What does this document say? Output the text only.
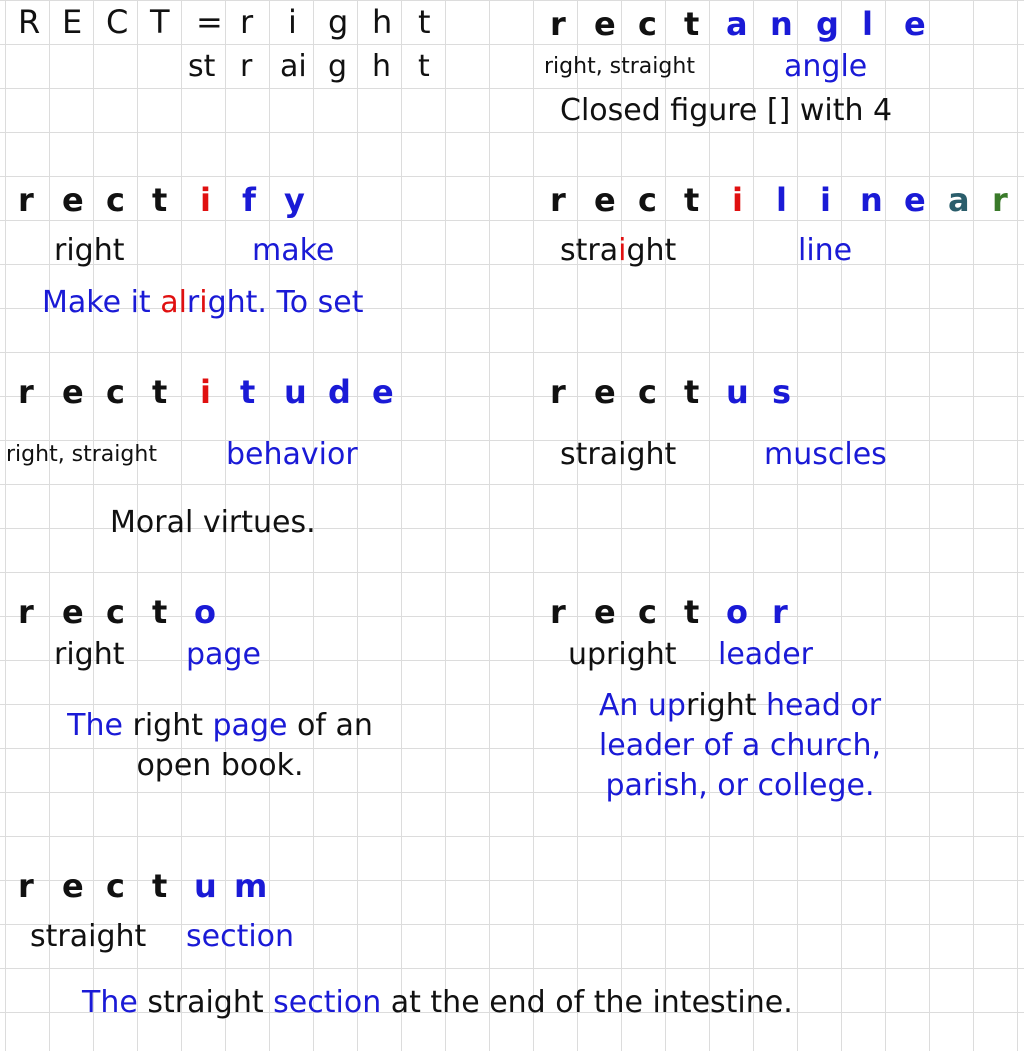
R E C T = r i g h t
st r ai g h t
r e c t a n g l e
right, straight	angle
Closed figure [] with 4
r e c t i f y
right	make
Make it alright. To set
r e c t i l i n e a r
straight	line
r e c t i t u d e
right, straight behavior
Moral virtues.
r e c t u s
straight	muscles
r e c t o
right page
The right page of an
open book.
r e c t o r
upright leader
An upright head or
leader of a church,
parish, or college.
r e c t u m
straight section
The straight section at the end of the intestine.
